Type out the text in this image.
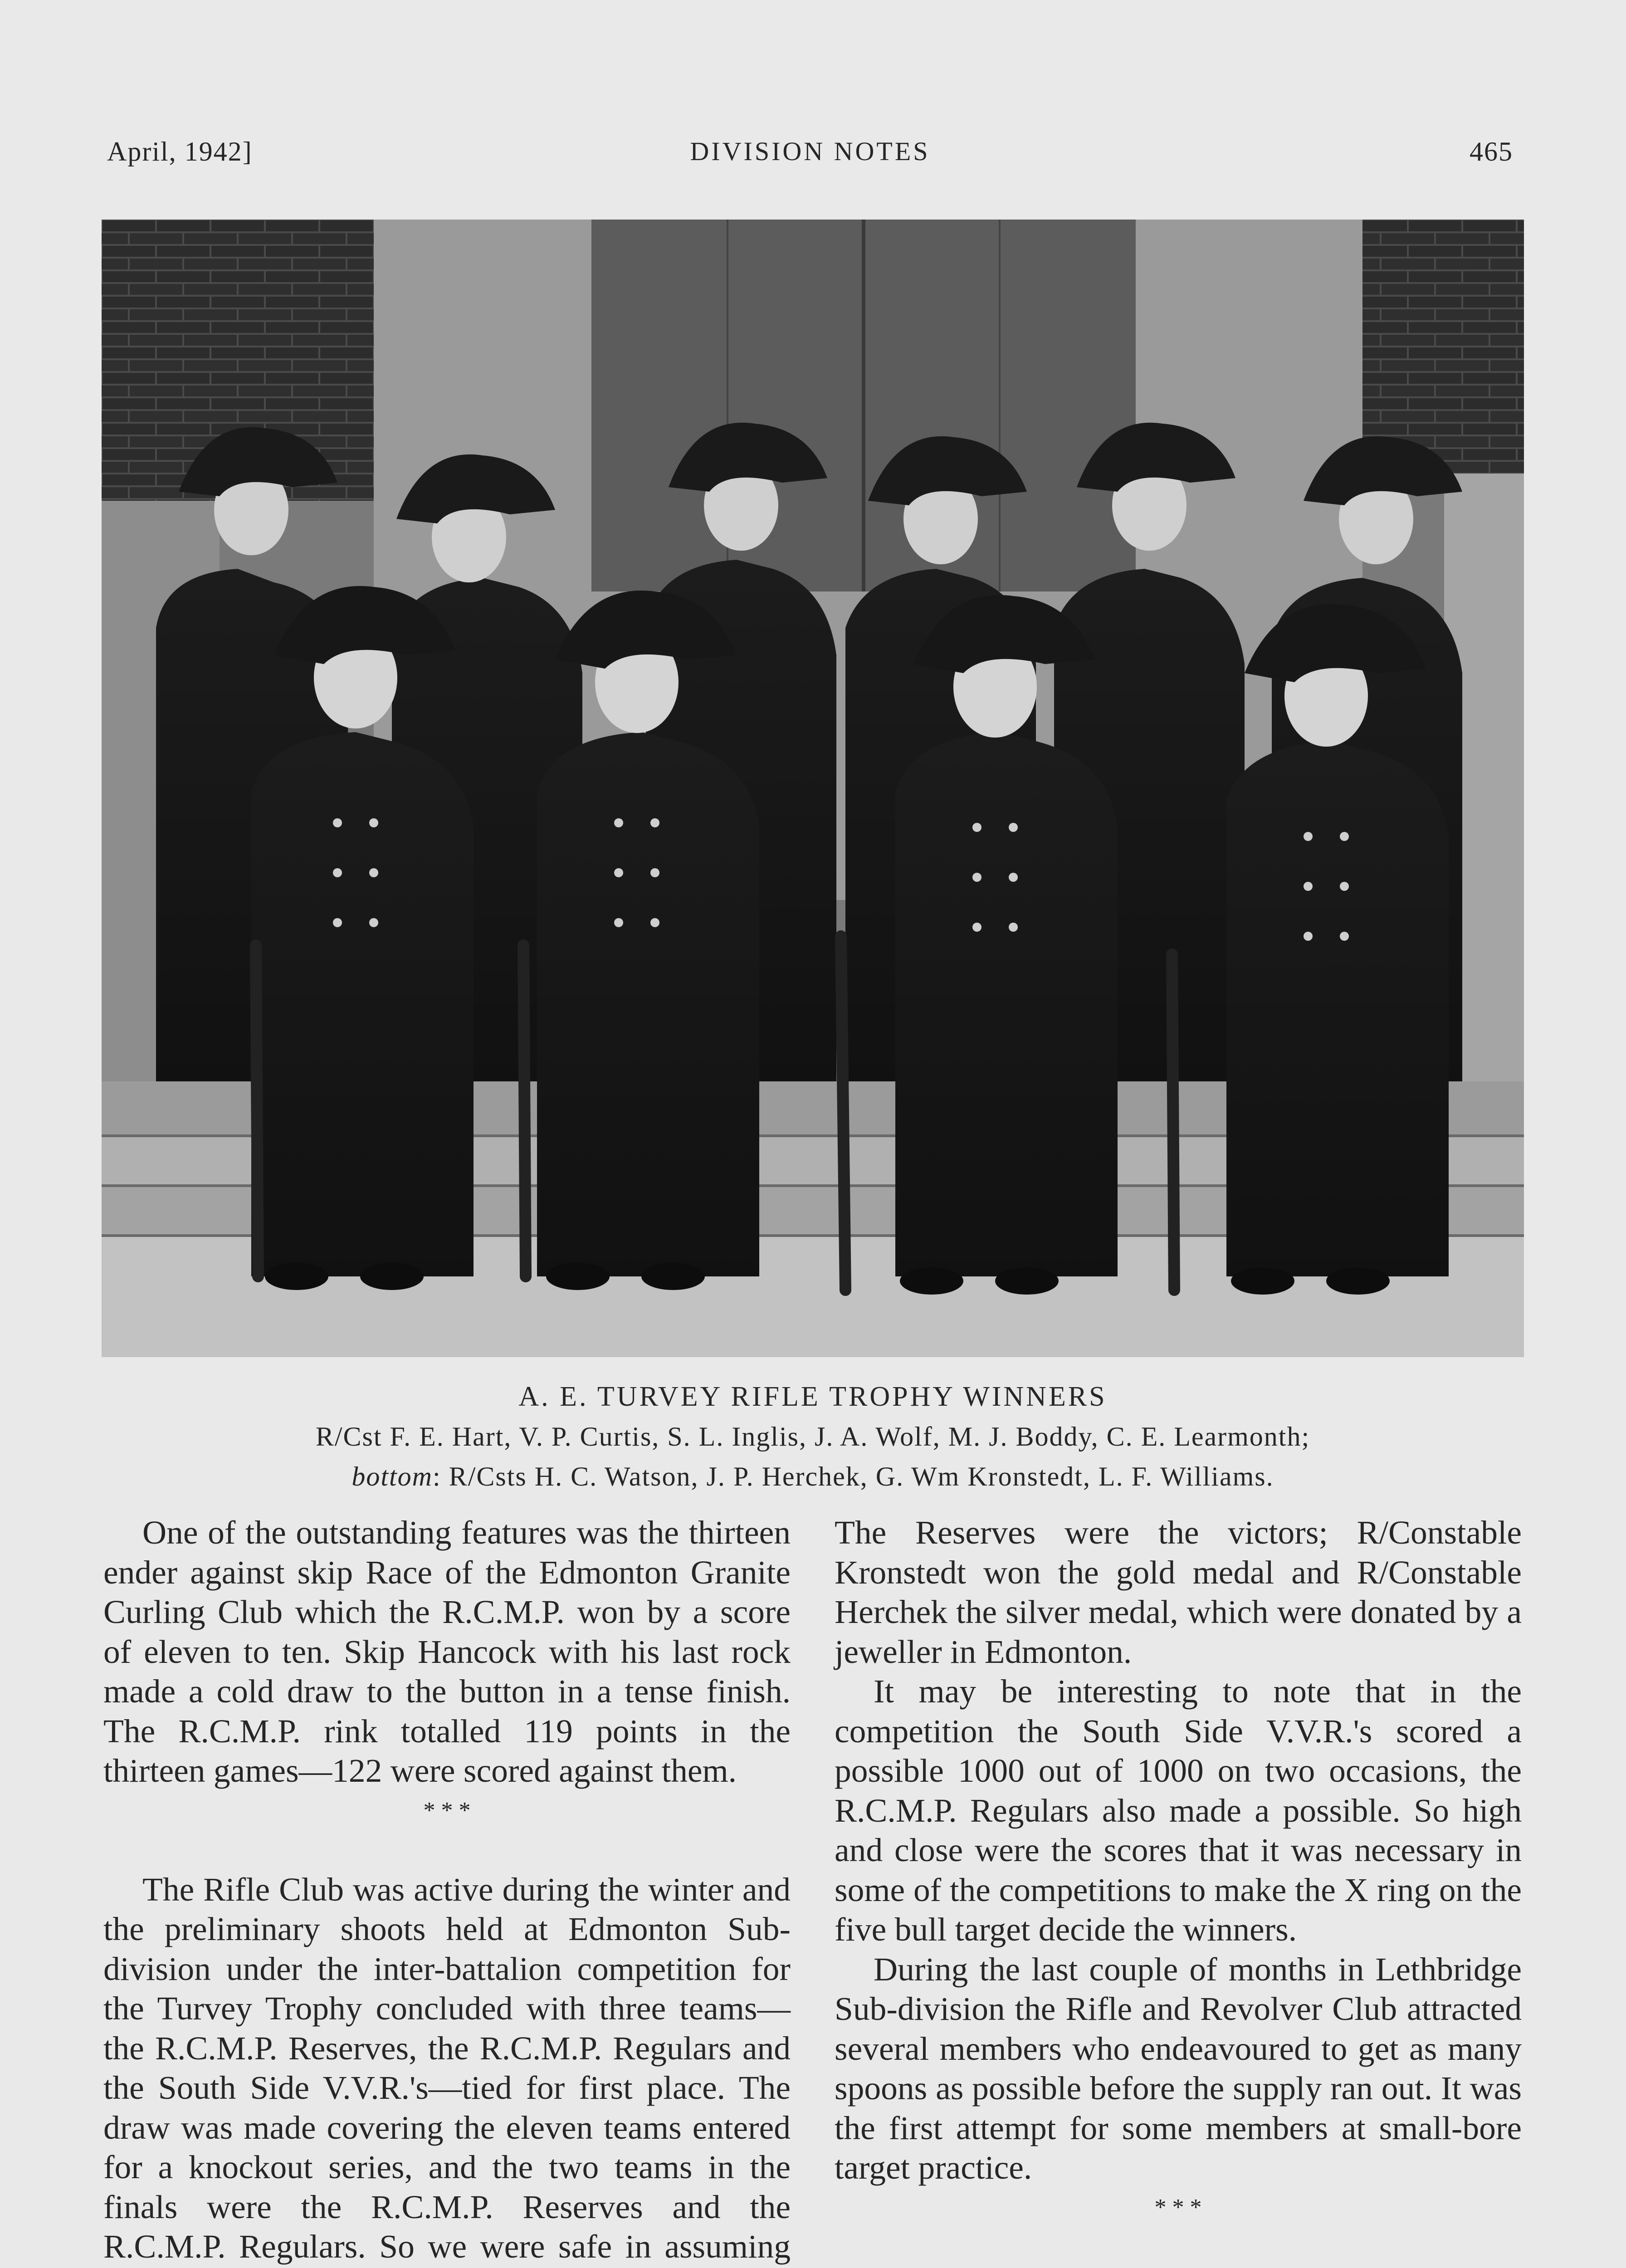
April, 1942]	DIVISION NOTES	465
A. E. TURVEY RIFLE TROPHY WINNERS
R/Cst F. E. Hart, V. P. Curtis, S. L. Inglis, J. A. Wolf, M. J. Boddy, C. E. Learmonth;
bottom: R/Csts H. C. Watson, J. P. Herchek, G. Wm Kronstedt, L. F. Williams.

One of the outstanding features was the thirteen ender against skip Race of the Edmonton Granite Curling Club which the R.C.M.P. won by a score of eleven to ten. Skip Hancock with his last rock made a cold draw to the button in a tense finish. The R.C.M.P. rink totalled 119 points in the thirteen games—122 were scored against them.

* * *

The Rifle Club was active during the winter and the preliminary shoots held at Edmonton Sub-division under the inter-battalion competition for the Turvey Trophy concluded with three teams—the R.C.M.P. Reserves, the R.C.M.P. Regulars and the South Side V.V.R.'s—tied for first place. The draw was made covering the eleven teams entered for a knockout series, and the two teams in the finals were the R.C.M.P. Reserves and the R.C.M.P. Regulars. So we were safe in assuming

The Reserves were the victors; R/Constable Kronstedt won the gold medal and R/Constable Herchek the silver medal, which were donated by a jeweller in Edmonton.

It may be interesting to note that in the competition the South Side V.V.R.'s scored a possible 1000 out of 1000 on two occasions, the R.C.M.P. Regulars also made a possible. So high and close were the scores that it was necessary in some of the competitions to make the X ring on the five bull target decide the winners.

During the last couple of months in Lethbridge Sub-division the Rifle and Revolver Club attracted several members who endeavoured to get as many spoons as possible before the supply ran out. It was the first attempt for some members at small-bore target practice.

* * *
